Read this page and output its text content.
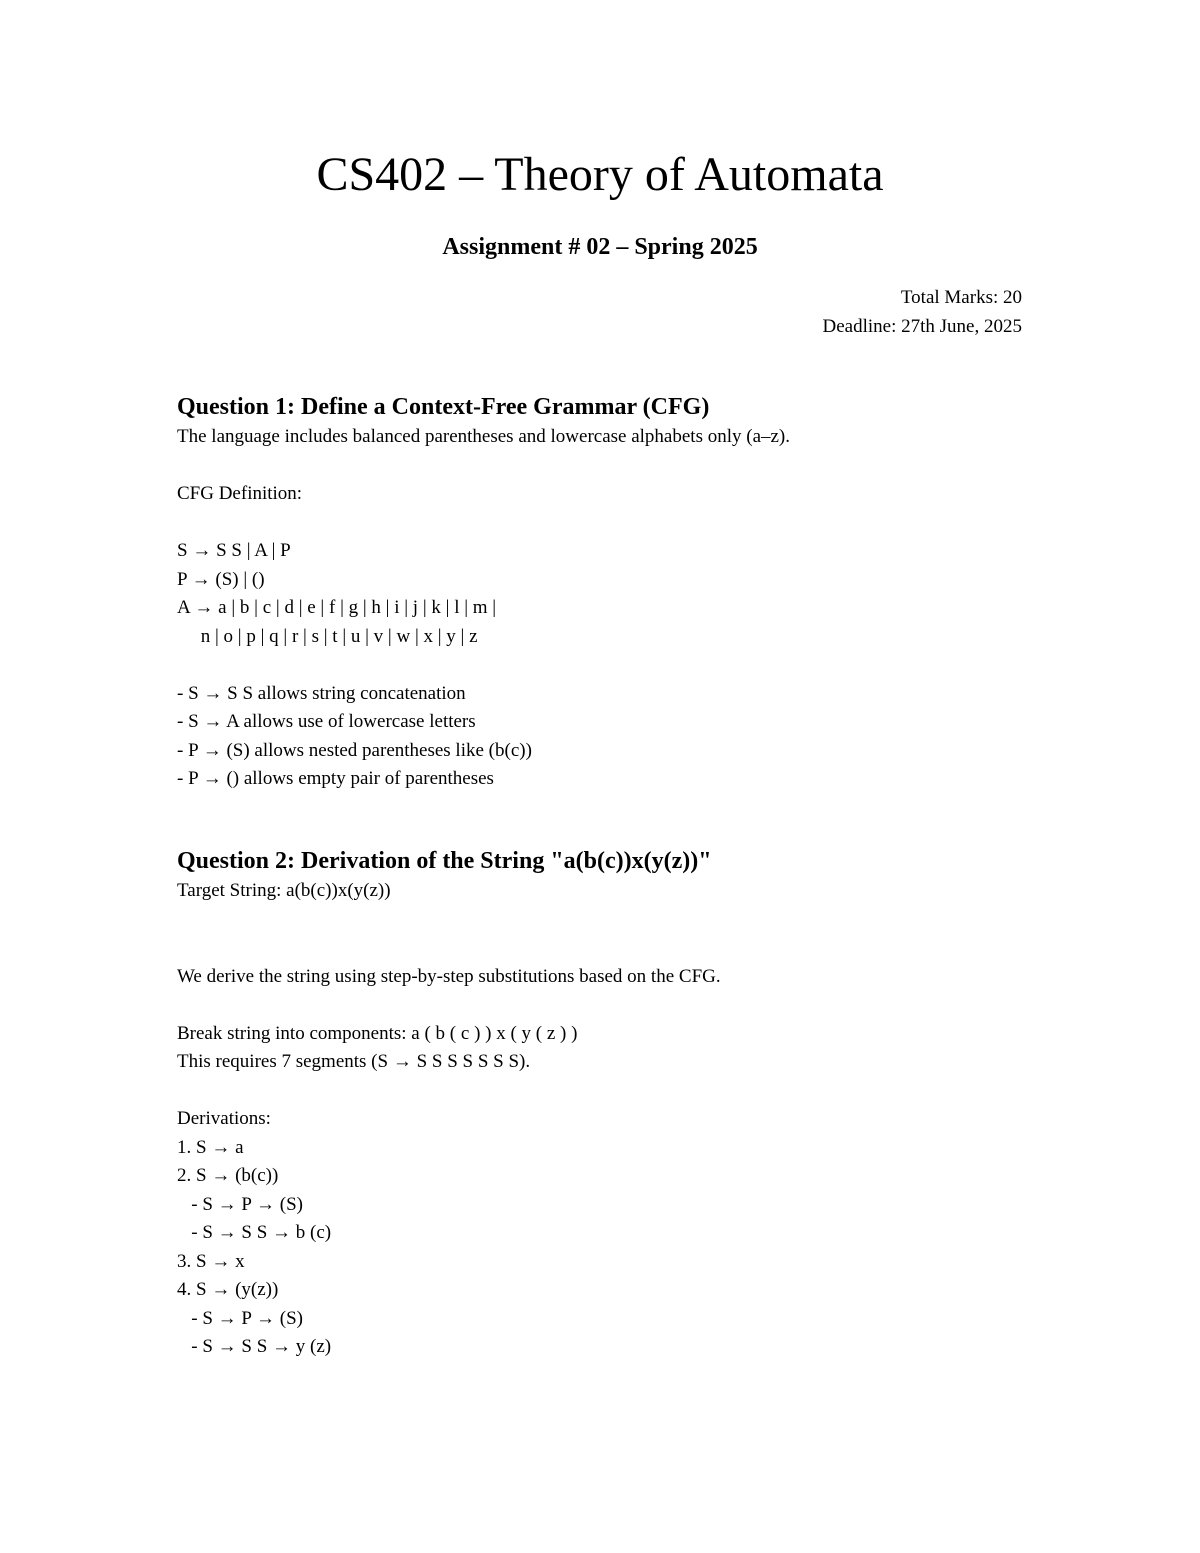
CS402 – Theory of Automata
Assignment # 02 – Spring 2025
Total Marks: 20
Deadline: 27th June, 2025
Question 1: Define a Context-Free Grammar (CFG)
The language includes balanced parentheses and lowercase alphabets only (a–z).
CFG Definition:
S → S S | A | P
P → (S) | ()
A → a | b | c | d | e | f | g | h | i | j | k | l | m |
n | o | p | q | r | s | t | u | v | w | x | y | z
- S → S S allows string concatenation
- S → A allows use of lowercase letters
- P → (S) allows nested parentheses like (b(c))
- P → () allows empty pair of parentheses
Question 2: Derivation of the String "a(b(c))x(y(z))"
Target String: a(b(c))x(y(z))
We derive the string using step-by-step substitutions based on the CFG.
Break string into components: a ( b ( c ) ) x ( y ( z ) )
This requires 7 segments (S → S S S S S S S).
Derivations:
1. S → a
2. S → (b(c))
- S → P → (S)
- S → S S → b (c)
3. S → x
4. S → (y(z))
- S → P → (S)
- S → S S → y (z)
